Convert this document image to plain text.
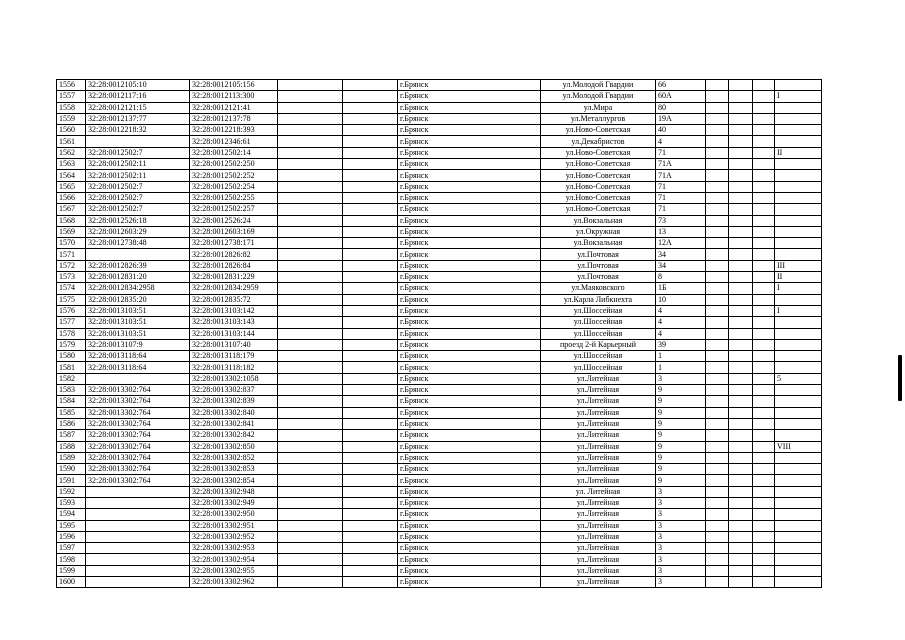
1556	32:28:0012105:10	32:28:0012105:156			г.Брянск	ул.Молодой Гвардии	66				
1557	32:28:0012117:16	32:28:0012113:300			г.Брянск	ул.Молодой Гвардии	60А				I
1558	32:28:0012121:15	32:28:0012121:41			г.Брянск	ул.Мира	80				
1559	32:28:0012137:77	32:28:0012137:78			г.Брянск	ул.Металлургов	19А				
1560	32:28:0012218:32	32:28:0012218:393			г.Брянск	ул.Ново-Советская	40				
1561		32:28:0012346:61			г.Брянск	ул.Декабристов	4				
1562	32:28:0012502:7	32:28:0012502:14			г.Брянск	ул.Ново-Советская	71				II
1563	32:28:0012502:11	32:28:0012502:250			г.Брянск	ул.Ново-Советская	71А				
1564	32:28:0012502:11	32:28:0012502:252			г.Брянск	ул.Ново-Советская	71А				
1565	32:28:0012502:7	32:28:0012502:254			г.Брянск	ул.Ново-Советская	71				
1566	32:28:0012502:7	32:28:0012502:255			г.Брянск	ул.Ново-Советская	71				
1567	32:28:0012502:7	32:28:0012502:257			г.Брянск	ул.Ново-Советская	71				
1568	32:28:0012526:18	32:28:0012526:24			г.Брянск	ул.Вокзальная	73				
1569	32:28:0012603:29	32:28:0012603:169			г.Брянск	ул.Окружная	13				
1570	32:28:0012738:48	32:28:0012738:171			г.Брянск	ул.Вокзальная	12А				
1571		32:28:0012826:82			г.Брянск	ул.Почтовая	34				
1572	32:28:0012826:39	32:28:0012826:84			г.Брянск	ул.Почтовая	34				III
1573	32:28:0012831:20	32:28:0012831:229			г.Брянск	ул.Почтовая	8				II
1574	32:28:0012834:2958	32:28:0012834:2959			г.Брянск	ул.Маяковского	1Б				I
1575	32:28:0012835:20	32:28:0012835:72			г.Брянск	ул.Карла Либкнехта	10				
1576	32:28:0013103:51	32:28:0013103:142			г.Брянск	ул.Шоссейная	4				I
1577	32:28:0013103:51	32:28:0013103:143			г.Брянск	ул.Шоссейная	4				
1578	32:28:0013103:51	32:28:0013103:144			г.Брянск	ул.Шоссейная	4				
1579	32:28:0013107:9	32:28:0013107:40			г.Брянск	проезд 2-й Карьерный	39				
1580	32:28:0013118:64	32:28:0013118:179			г.Брянск	ул.Шоссейная	1				
1581	32:28:0013118:64	32:28:0013118:182			г.Брянск	ул.Шоссейная	1				
1582		32:28:0013302:1058			г.Брянск	ул.Литейная	3				5
1583	32:28:0013302:764	32:28:0013302:837			г.Брянск	ул.Литейная	9				
1584	32:28:0013302:764	32:28:0013302:839			г.Брянск	ул.Литейная	9				
1585	32:28:0013302:764	32:28:0013302:840			г.Брянск	ул.Литейная	9				
1586	32:28:0013302:764	32:28:0013302:841			г.Брянск	ул.Литейная	9				
1587	32:28:0013302:764	32:28:0013302:842			г.Брянск	ул.Литейная	9				
1588	32:28:0013302:764	32:28:0013302:850			г.Брянск	ул.Литейная	9				VIII
1589	32:28:0013302:764	32:28:0013302:852			г.Брянск	ул.Литейная	9				
1590	32:28:0013302:764	32:28:0013302:853			г.Брянск	ул.Литейная	9				
1591	32:28:0013302:764	32:28:0013302:854			г.Брянск	ул.Литейная	9				
1592		32:28:0013302:948			г.Брянск	ул. Литейная	3				
1593		32:28:0013302:949			г.Брянск	ул.Литейная	3				
1594		32:28:0013302:950			г.Брянск	ул.Литейная	3				
1595		32:28:0013302:951			г.Брянск	ул.Литейная	3				
1596		32:28:0013302:952			г.Брянск	ул.Литейная	3				
1597		32:28:0013302:953			г.Брянск	ул.Литейная	3				
1598		32:28:0013302:954			г.Брянск	ул.Литейная	3				
1599		32:28:0013302:955			г.Брянск	ул.Литейная	3				
1600		32:28:0013302:962			г.Брянск	ул.Литейная	3				
